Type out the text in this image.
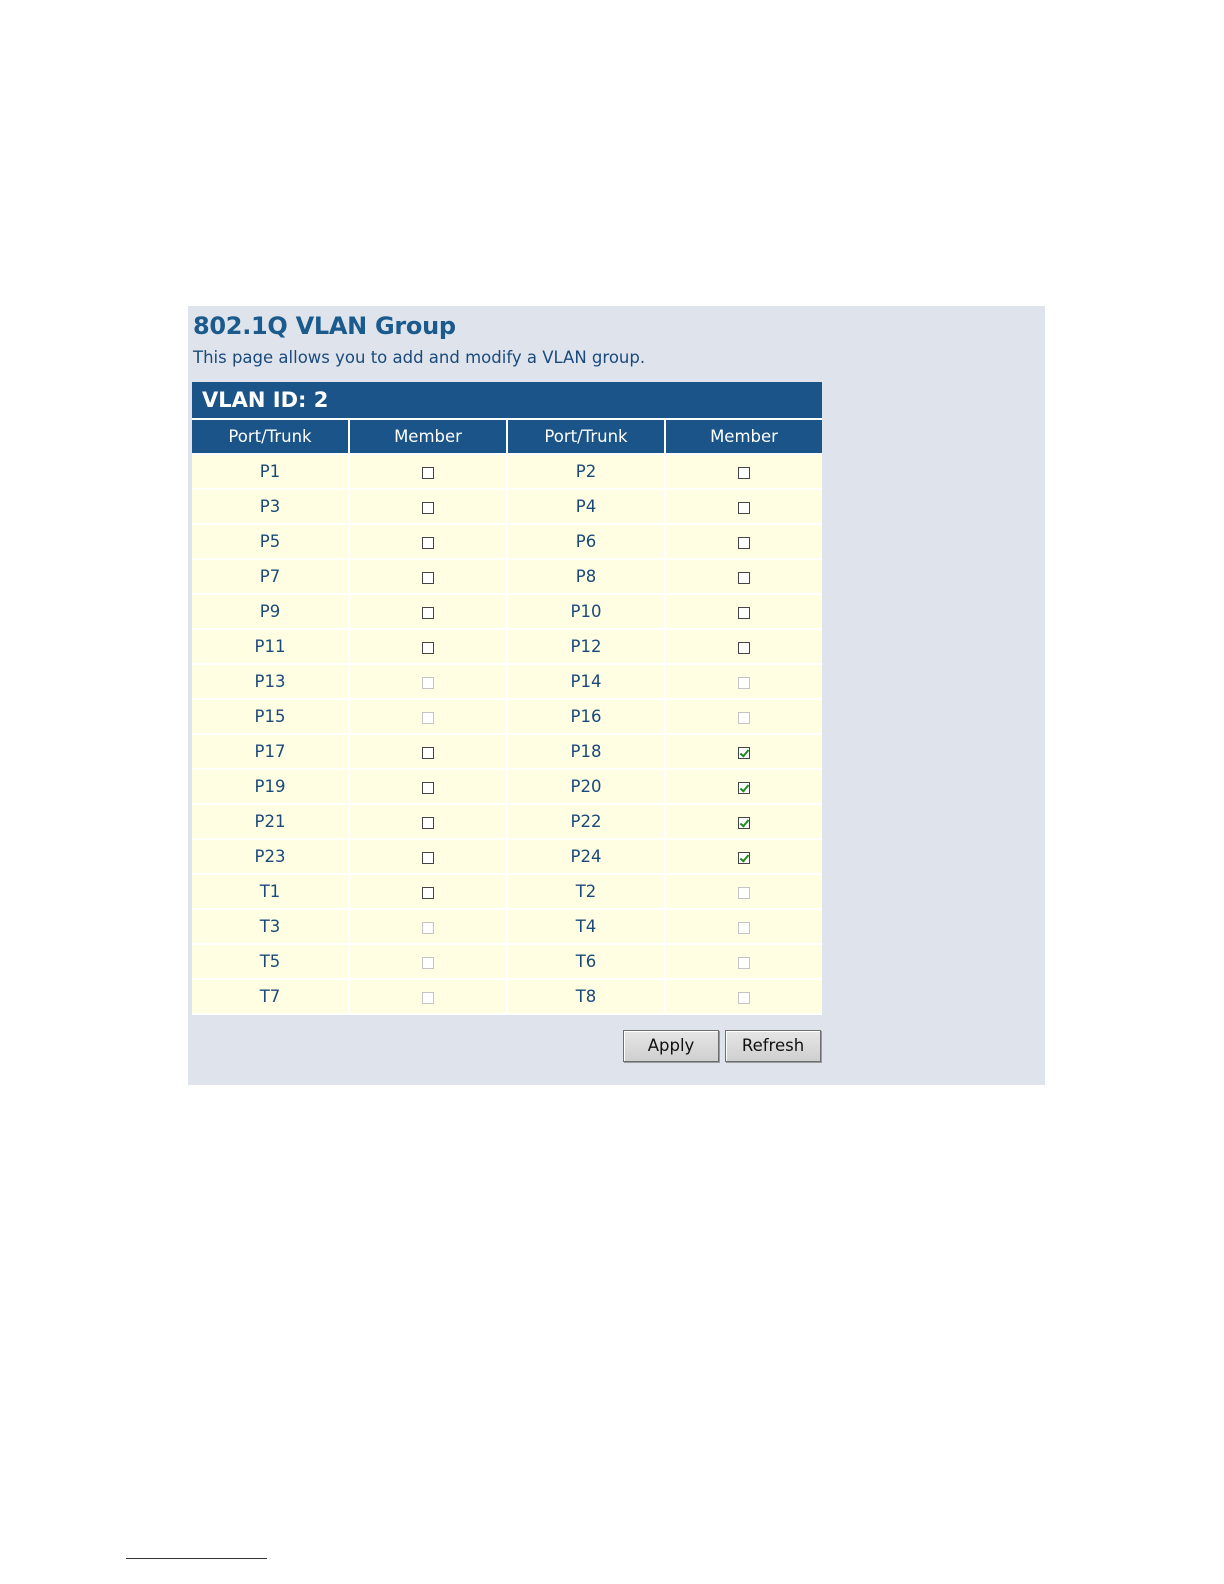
802.1Q VLAN Group
This page allows you to add and modify a VLAN group.
VLAN ID: 2			
Port/Trunk	Member	Port/Trunk	Member
P1		P2	
P3		P4	
P5		P6	
P7		P8	
P9		P10	
P11		P12	
P13		P14	
P15		P16	
P17		P18	
P19		P20	
P21		P22	
P23		P24	
T1		T2	
T3		T4	
T5		T6	
T7		T8	
Apply	Refresh
